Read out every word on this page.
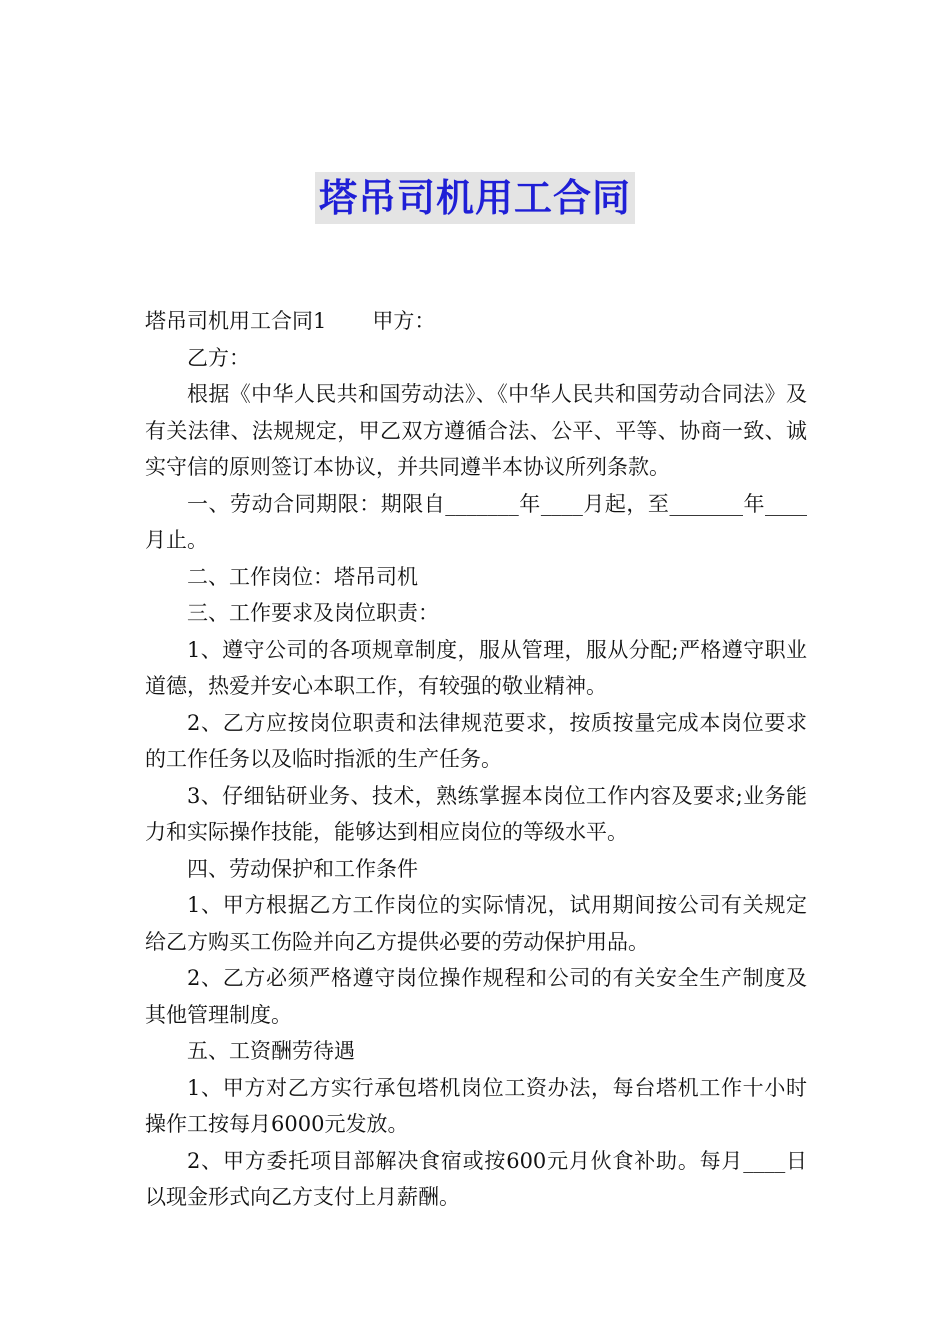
塔吊司机用工合同

塔吊司机用工合同1 甲方：

乙方：

根据《中华人民共和国劳动法》、《中华人民共和国劳动合同法》及有关法律、法规规定，甲乙双方遵循合法、公平、平等、协商一致、诚实守信的原则签订本协议，并共同遵半本协议所列条款。

一、劳动合同期限：期限自_______年____月起，至_______年____月止。

二、工作岗位：塔吊司机

三、工作要求及岗位职责：

1、遵守公司的各项规章制度，服从管理，服从分配;严格遵守职业道德，热爱并安心本职工作，有较强的敬业精神。

2、乙方应按岗位职责和法律规范要求，按质按量完成本岗位要求的工作任务以及临时指派的生产任务。

3、仔细钻研业务、技术，熟练掌握本岗位工作内容及要求;业务能力和实际操作技能，能够达到相应岗位的等级水平。

四、劳动保护和工作条件

1、甲方根据乙方工作岗位的实际情况，试用期间按公司有关规定给乙方购买工伤险并向乙方提供必要的劳动保护用品。

2、乙方必须严格遵守岗位操作规程和公司的有关安全生产制度及其他管理制度。

五、工资酬劳待遇

1、甲方对乙方实行承包塔机岗位工资办法，每台塔机工作十小时操作工按每月6000元发放。

2、甲方委托项目部解决食宿或按600元月伙食补助。每月____日以现金形式向乙方支付上月薪酬。
